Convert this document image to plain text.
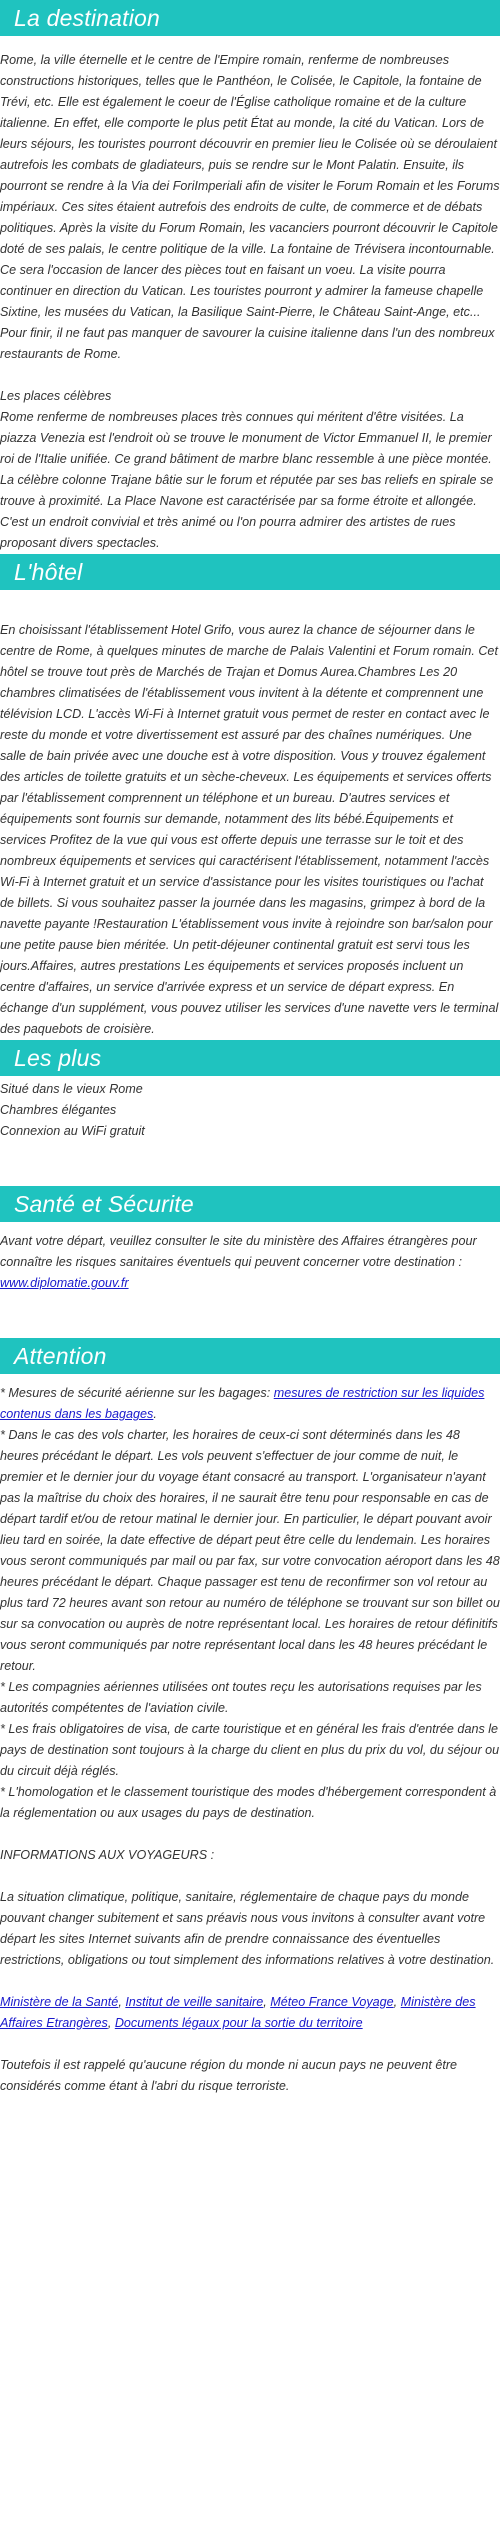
La destination

Rome, la ville éternelle et le centre de l'Empire romain, renferme de nombreuses constructions historiques, telles que le Panthéon, le Colisée, le Capitole, la fontaine de Trévi, etc. Elle est également le coeur de l'Église catholique romaine et de la culture italienne. En effet, elle comporte le plus petit État au monde, la cité du Vatican. Lors de leurs séjours, les touristes pourront découvrir en premier lieu le Colisée où se déroulaient autrefois les combats de gladiateurs, puis se rendre sur le Mont Palatin. Ensuite, ils pourront se rendre à la Via dei ForiImperiali afin de visiter le Forum Romain et les Forums impériaux. Ces sites étaient autrefois des endroits de culte, de commerce et de débats politiques. Après la visite du Forum Romain, les vacanciers pourront découvrir le Capitole doté de ses palais, le centre politique de la ville. La fontaine de Trévisera incontournable. Ce sera l'occasion de lancer des pièces tout en faisant un voeu. La visite pourra continuer en direction du Vatican. Les touristes pourront y admirer la fameuse chapelle Sixtine, les musées du Vatican, la Basilique Saint-Pierre, le Château Saint-Ange, etc... Pour finir, il ne faut pas manquer de savourer la cuisine italienne dans l'un des nombreux restaurants de Rome.

Les places célèbres

Rome renferme de nombreuses places très connues qui méritent d'être visitées. La piazza Venezia est l'endroit où se trouve le monument de Victor Emmanuel II, le premier roi de l'Italie unifiée. Ce grand bâtiment de marbre blanc ressemble à une pièce montée. La célèbre colonne Trajane bâtie sur le forum et réputée par ses bas reliefs en spirale se trouve à proximité. La Place Navone est caractérisée par sa forme étroite et allongée. C'est un endroit convivial et très animé ou l'on pourra admirer des artistes de rues proposant divers spectacles.

L'hôtel

En choisissant l'établissement Hotel Grifo, vous aurez la chance de séjourner dans le centre de Rome, à quelques minutes de marche de Palais Valentini et Forum romain. Cet hôtel se trouve tout près de Marchés de Trajan et Domus Aurea.Chambres Les 20 chambres climatisées de l'établissement vous invitent à la détente et comprennent une télévision LCD. L'accès Wi-Fi à Internet gratuit vous permet de rester en contact avec le reste du monde et votre divertissement est assuré par des chaînes numériques. Une salle de bain privée avec une douche est à votre disposition. Vous y trouvez également des articles de toilette gratuits et un sèche-cheveux. Les équipements et services offerts par l'établissement comprennent un téléphone et un bureau. D'autres services et équipements sont fournis sur demande, notamment des lits bébé.Équipements et services Profitez de la vue qui vous est offerte depuis une terrasse sur le toit et des nombreux équipements et services qui caractérisent l'établissement, notamment l'accès Wi-Fi à Internet gratuit et un service d'assistance pour les visites touristiques ou l'achat de billets. Si vous souhaitez passer la journée dans les magasins, grimpez à bord de la navette payante !Restauration L'établissement vous invite à rejoindre son bar/salon pour une petite pause bien méritée. Un petit-déjeuner continental gratuit est servi tous les jours.Affaires, autres prestations Les équipements et services proposés incluent un centre d'affaires, un service d'arrivée express et un service de départ express. En échange d'un supplément, vous pouvez utiliser les services d'une navette vers le terminal des paquebots de croisière.

Les plus

Situé dans le vieux Rome

Chambres élégantes

Connexion au WiFi gratuit

Santé et Sécurite

Avant votre départ, veuillez consulter le site du ministère des Affaires étrangères pour connaître les risques sanitaires éventuels qui peuvent concerner votre destination : www.diplomatie.gouv.fr

Attention

* Mesures de sécurité aérienne sur les bagages: mesures de restriction sur les liquides contenus dans les bagages.

* Dans le cas des vols charter, les horaires de ceux-ci sont déterminés dans les 48 heures précédant le départ. Les vols peuvent s'effectuer de jour comme de nuit, le premier et le dernier jour du voyage étant consacré au transport. L'organisateur n'ayant pas la maîtrise du choix des horaires, il ne saurait être tenu pour responsable en cas de départ tardif et/ou de retour matinal le dernier jour. En particulier, le départ pouvant avoir lieu tard en soirée, la date effective de départ peut être celle du lendemain. Les horaires vous seront communiqués par mail ou par fax, sur votre convocation aéroport dans les 48 heures précédant le départ. Chaque passager est tenu de reconfirmer son vol retour au plus tard 72 heures avant son retour au numéro de téléphone se trouvant sur son billet ou sur sa convocation ou auprès de notre représentant local. Les horaires de retour définitifs vous seront communiqués par notre représentant local dans les 48 heures précédant le retour.

* Les compagnies aériennes utilisées ont toutes reçu les autorisations requises par les autorités compétentes de l'aviation civile.

* Les frais obligatoires de visa, de carte touristique et en général les frais d'entrée dans le pays de destination sont toujours à la charge du client en plus du prix du vol, du séjour ou du circuit déjà réglés.

* L'homologation et le classement touristique des modes d'hébergement correspondent à la réglementation ou aux usages du pays de destination.

INFORMATIONS AUX VOYAGEURS :

La situation climatique, politique, sanitaire, réglementaire de chaque pays du monde pouvant changer subitement et sans préavis nous vous invitons à consulter avant votre départ les sites Internet suivants afin de prendre connaissance des éventuelles restrictions, obligations ou tout simplement des informations relatives à votre destination.

Ministère de la Santé, Institut de veille sanitaire, Méteo France Voyage, Ministère des Affaires Etrangères, Documents légaux pour la sortie du territoire

Toutefois il est rappelé qu'aucune région du monde ni aucun pays ne peuvent être considérés comme étant à l'abri du risque terroriste.
